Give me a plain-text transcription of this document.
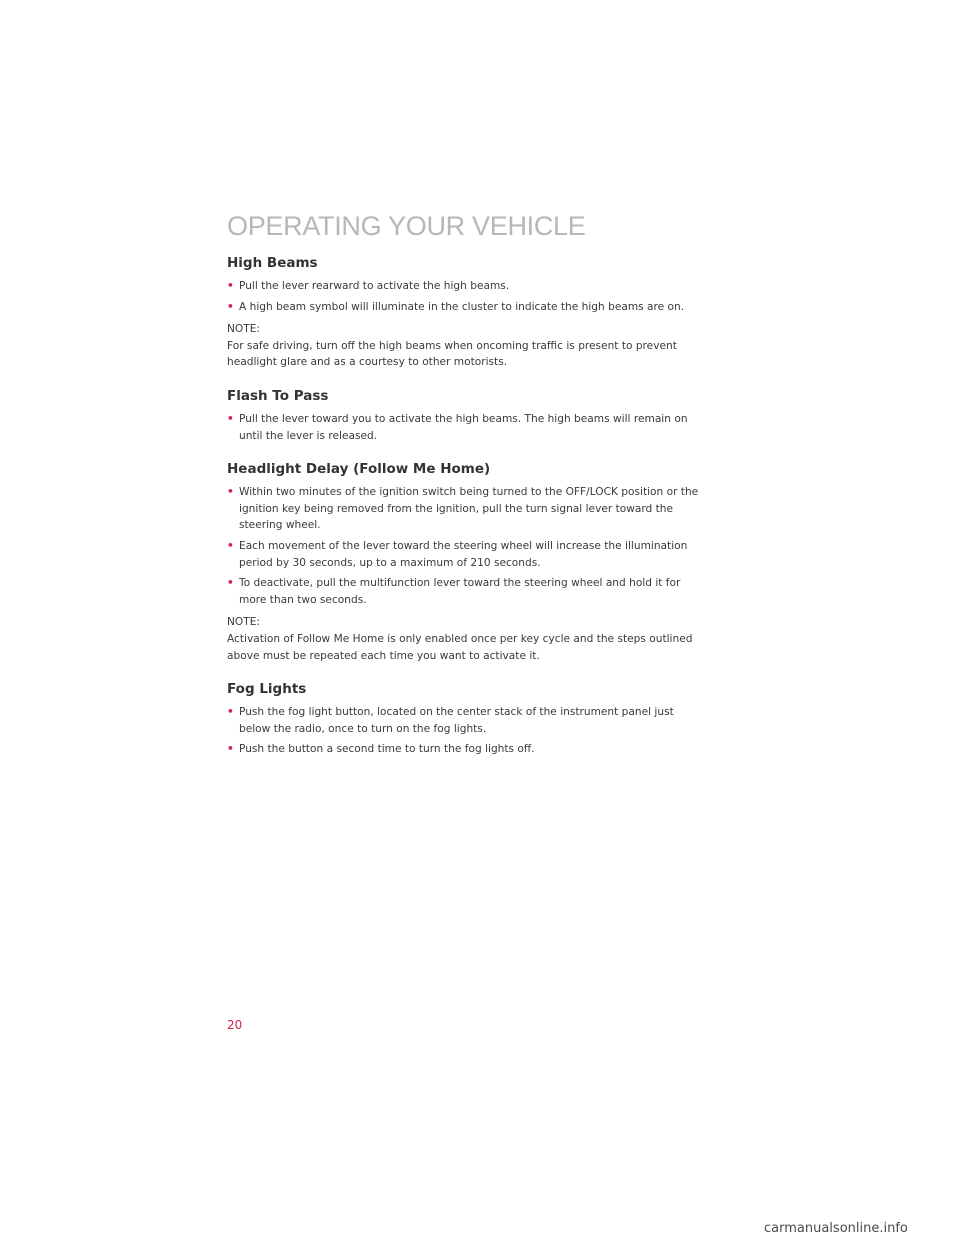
OPERATING YOUR VEHICLE
High Beams
• Pull the lever rearward to activate the high beams.
• A high beam symbol will illuminate in the cluster to indicate the high beams are on.
NOTE:

For safe driving, turn off the high beams when oncoming traffic is present to prevent headlight glare and as a courtesy to other motorists.

Flash To Pass
• Pull the lever toward you to activate the high beams. The high beams will remain on until the lever is released.
Headlight Delay (Follow Me Home)
• Within two minutes of the ignition switch being turned to the OFF/LOCK position or the ignition key being removed from the ignition, pull the turn signal lever toward the steering wheel.
• Each movement of the lever toward the steering wheel will increase the illumination period by 30 seconds, up to a maximum of 210 seconds.
• To deactivate, pull the multifunction lever toward the steering wheel and hold it for more than two seconds.
NOTE:

Activation of Follow Me Home is only enabled once per key cycle and the steps outlined above must be repeated each time you want to activate it.

Fog Lights
• Push the fog light button, located on the center stack of the instrument panel just below the radio, once to turn on the fog lights.
• Push the button a second time to turn the fog lights off.
20
carmanualsonline.info
